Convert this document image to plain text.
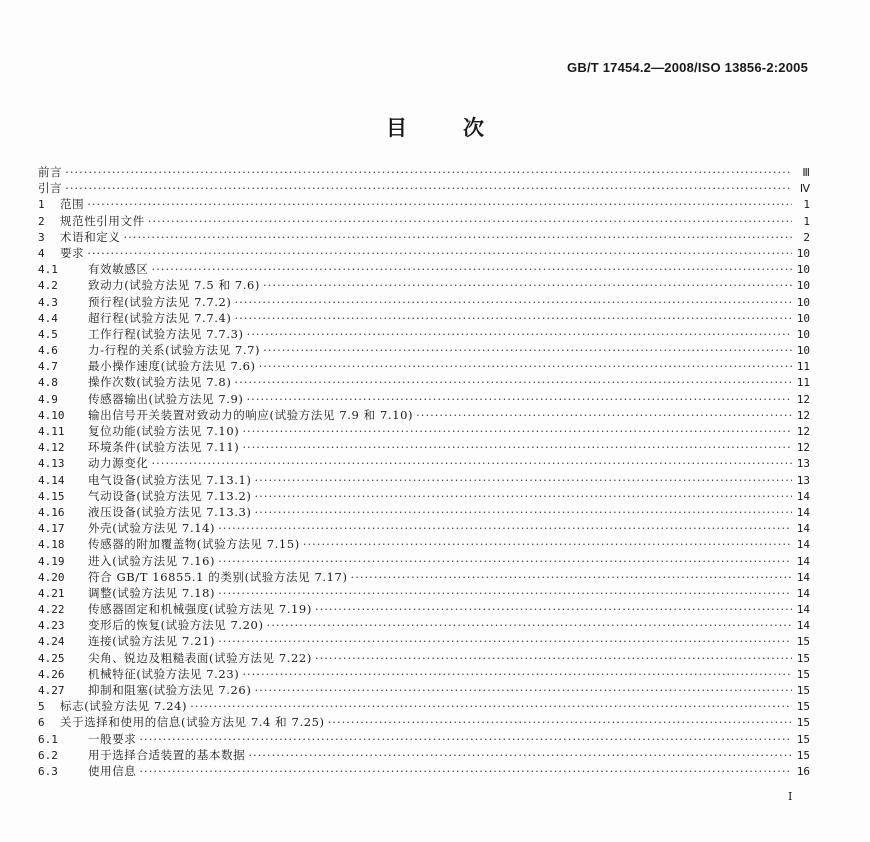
GB/T 17454.2—2008/ISO 13856-2:2005
目次
前言 ·····	Ⅲ
引言 ·····	Ⅳ
1	范围 ·····	1
2	规范性引用文件 ·····	1
3	术语和定义 ·····	2
4	要求 ·····	10
4.1	有效敏感区 ·····	10
4.2	致动力(试验方法见 7.5 和 7.6) ·····	10
4.3	预行程(试验方法见 7.7.2) ·····	10
4.4	超行程(试验方法见 7.7.4) ·····	10
4.5	工作行程(试验方法见 7.7.3) ·····	10
4.6	力-行程的关系(试验方法见 7.7) ·····	10
4.7	最小操作速度(试验方法见 7.6) ·····	11
4.8	操作次数(试验方法见 7.8) ·····	11
4.9	传感器输出(试验方法见 7.9) ·····	12
4.10	输出信号开关装置对致动力的响应(试验方法见 7.9 和 7.10) ·····	12
4.11	复位功能(试验方法见 7.10) ·····	12
4.12	环境条件(试验方法见 7.11) ·····	12
4.13	动力源变化 ·····	13
4.14	电气设备(试验方法见 7.13.1) ·····	13
4.15	气动设备(试验方法见 7.13.2) ·····	14
4.16	液压设备(试验方法见 7.13.3) ·····	14
4.17	外壳(试验方法见 7.14) ·····	14
4.18	传感器的附加覆盖物(试验方法见 7.15) ·····	14
4.19	进入(试验方法见 7.16) ·····	14
4.20	符合 GB/T 16855.1 的类别(试验方法见 7.17) ·····	14
4.21	调整(试验方法见 7.18) ·····	14
4.22	传感器固定和机械强度(试验方法见 7.19) ·····	14
4.23	变形后的恢复(试验方法见 7.20) ·····	14
4.24	连接(试验方法见 7.21) ·····	15
4.25	尖角、锐边及粗糙表面(试验方法见 7.22) ·····	15
4.26	机械特征(试验方法见 7.23) ·····	15
4.27	抑制和阻塞(试验方法见 7.26) ·····	15
5	标志(试验方法见 7.24) ·····	15
6	关于选择和使用的信息(试验方法见 7.4 和 7.25) ·····	15
6.1	一般要求 ·····	15
6.2	用于选择合适装置的基本数据 ·····	15
6.3	使用信息 ·····	16
I
